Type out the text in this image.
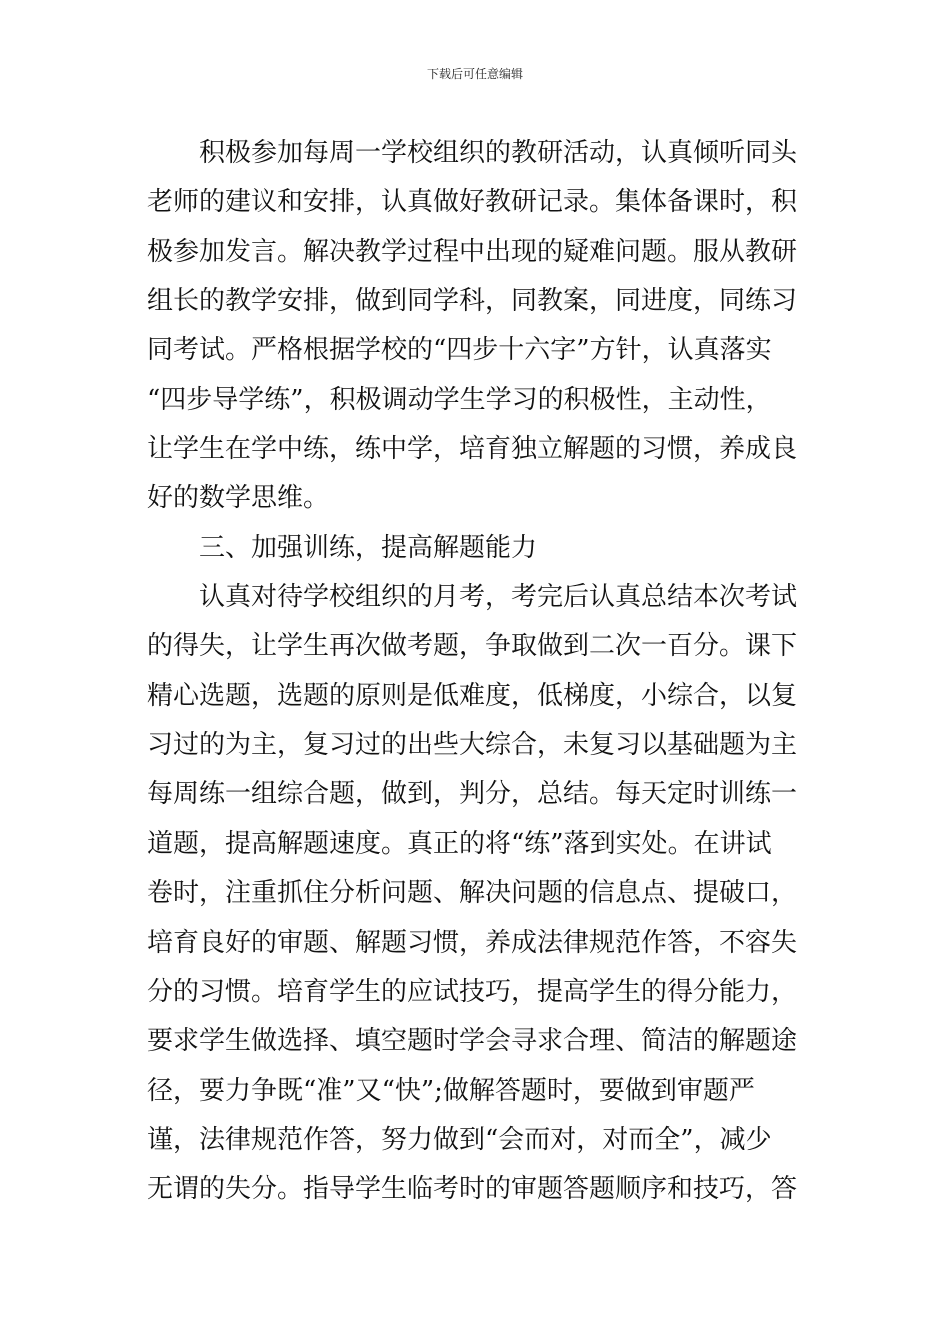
下载后可任意编辑
积极参加每周一学校组织的教研活动，认真倾听同头
老师的建议和安排，认真做好教研记录。集体备课时，积
极参加发言。解决教学过程中出现的疑难问题。服从教研
组长的教学安排，做到同学科，同教案，同进度，同练习
同考试。严格根据学校的“四步十六字”方针，认真落实
“四步导学练”，积极调动学生学习的积极性，主动性，
让学生在学中练，练中学，培育独立解题的习惯，养成良
好的数学思维。
三、加强训练，提高解题能力
认真对待学校组织的月考，考完后认真总结本次考试
的得失，让学生再次做考题，争取做到二次一百分。课下
精心选题，选题的原则是低难度，低梯度，小综合，以复
习过的为主，复习过的出些大综合，未复习以基础题为主
每周练一组综合题，做到，判分，总结。每天定时训练一
道题，提高解题速度。真正的将“练”落到实处。在讲试
卷时，注重抓住分析问题、解决问题的信息点、提破口，
培育良好的审题、解题习惯，养成法律规范作答，不容失
分的习惯。培育学生的应试技巧，提高学生的得分能力，
要求学生做选择、填空题时学会寻求合理、简洁的解题途
径，要力争既“准”又“快”;做解答题时，要做到审题严
谨，法律规范作答，努力做到“会而对，对而全”，减少
无谓的失分。指导学生临考时的审题答题顺序和技巧，答
